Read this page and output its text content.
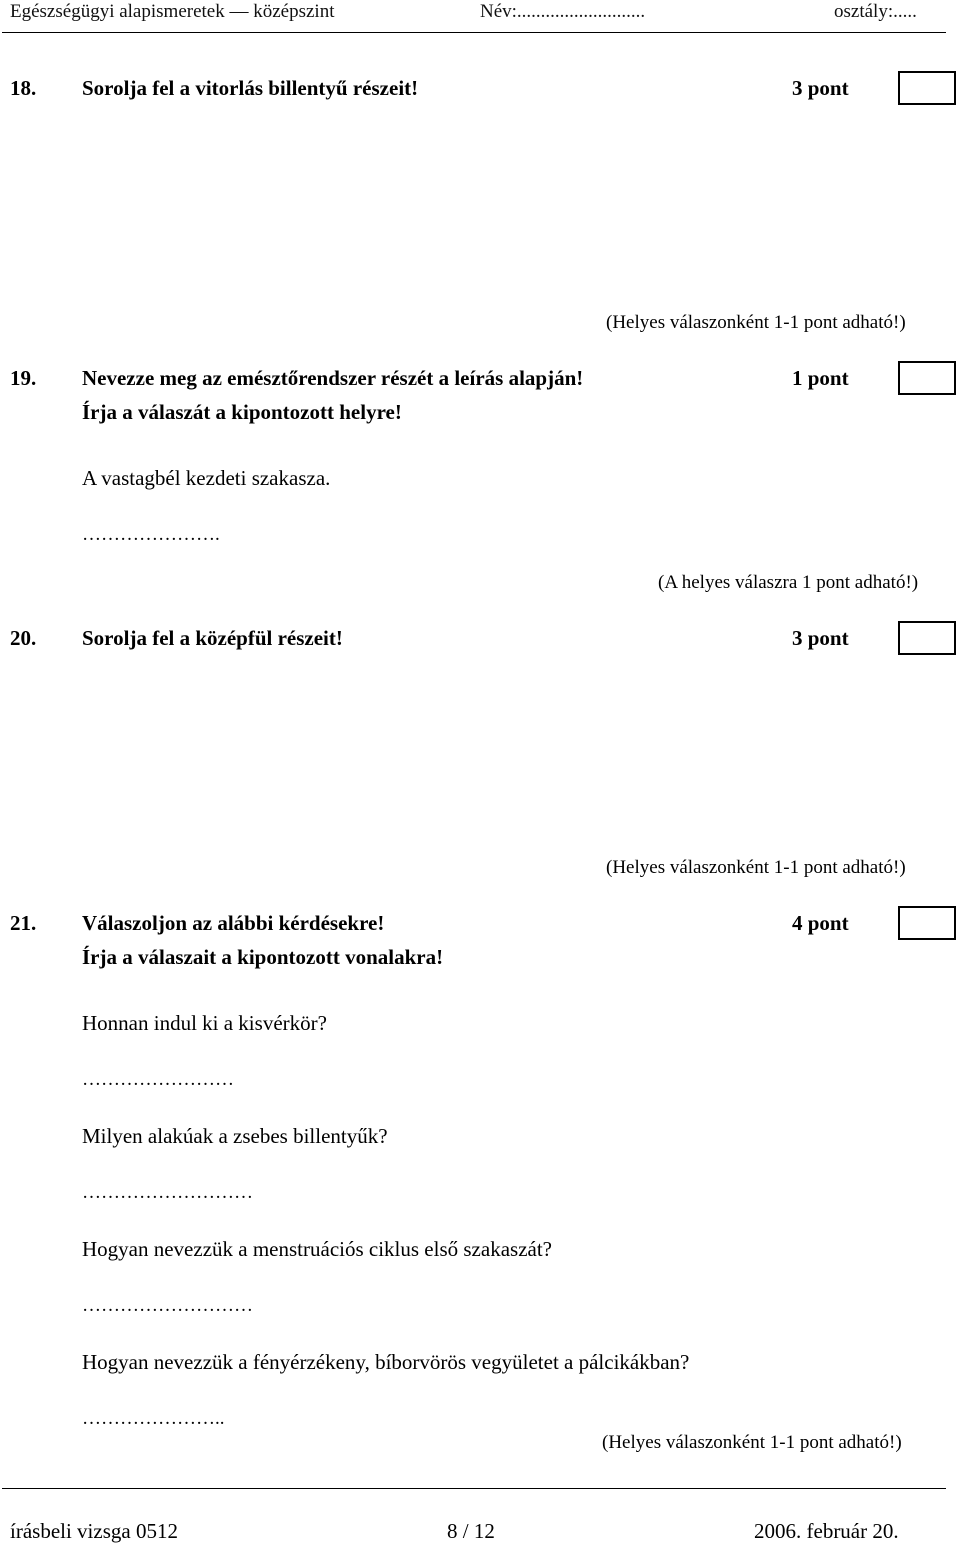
Egészségügyi alapismeretek — középszint	Név:...........................	osztály:.....
18. Sorolja fel a vitorlás billentyű részeit!	3 pont
(Helyes válaszonként 1-1 pont adható!)
19. Nevezze meg az emésztőrendszer részét a leírás alapján!	1 pont
Írja a válaszát a kipontozott helyre!
A vastagbél kezdeti szakasza.
………………….
(A helyes válaszra 1 pont adható!)
20. Sorolja fel a középfül részeit!	3 pont
(Helyes válaszonként 1-1 pont adható!)
21. Válaszoljon az alábbi kérdésekre!	4 pont
Írja a válaszait a kipontozott vonalakra!
Honnan indul ki a kisvérkör?
……………………
Milyen alakúak a zsebes billentyűk?
………………………
Hogyan nevezzük a menstruációs ciklus első szakaszát?
………………………
Hogyan nevezzük a fényérzékeny, bíborvörös vegyületet a pálcikákban?
…………………..
(Helyes válaszonként 1-1 pont adható!)
írásbeli vizsga 0512	8 / 12	2006. február 20.
